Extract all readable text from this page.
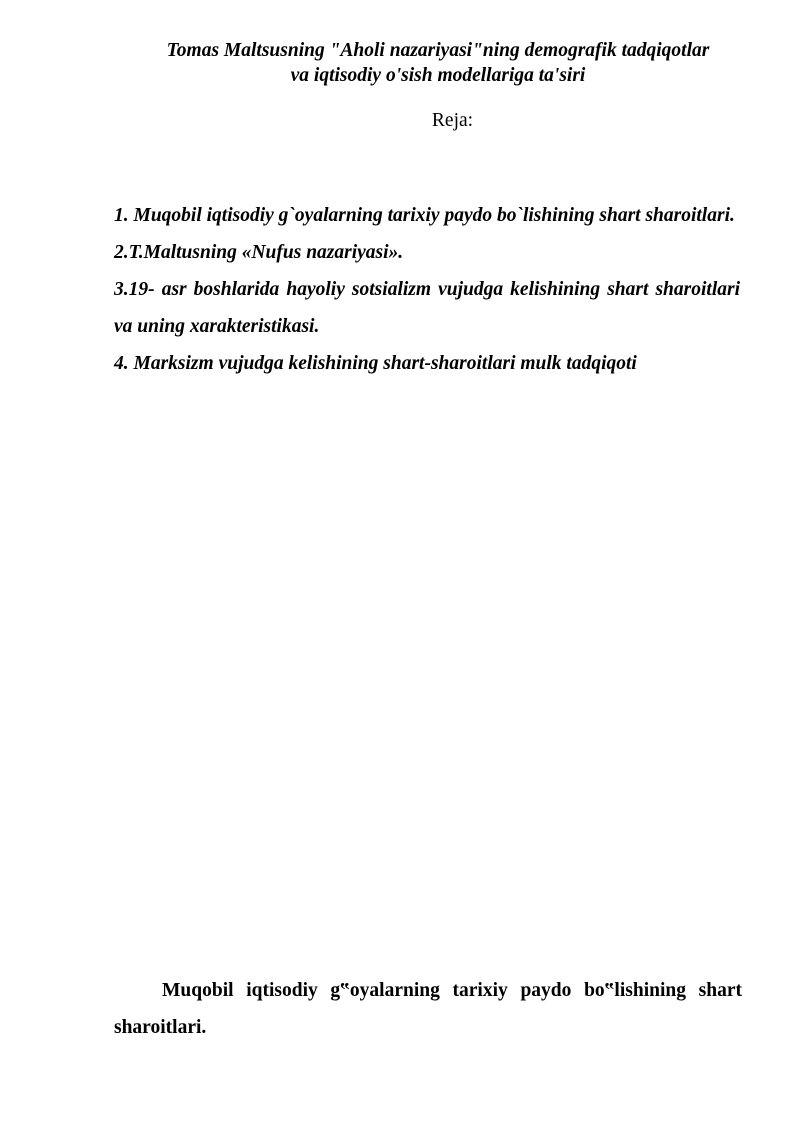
Tomas Maltsusning "Aholi nazariyasi"ning demografik tadqiqotlar
va iqtisodiy o'sish modellariga ta'siri
Reja:
1. Muqobil iqtisodiy g`oyalarning tarixiy paydo bo`lishining shart sharoitlari.
2.T.Maltusning «Nufus nazariyasi».
3.19- asr boshlarida hayoliy sotsializm vujudga kelishining shart sharoitlari va uning xarakteristikasi.
4. Marksizm vujudga kelishining shart-sharoitlari mulk tadqiqoti

Muqobil iqtisodiy g‟oyalarning tarixiy paydo bo‟lishining shart sharoitlari.
